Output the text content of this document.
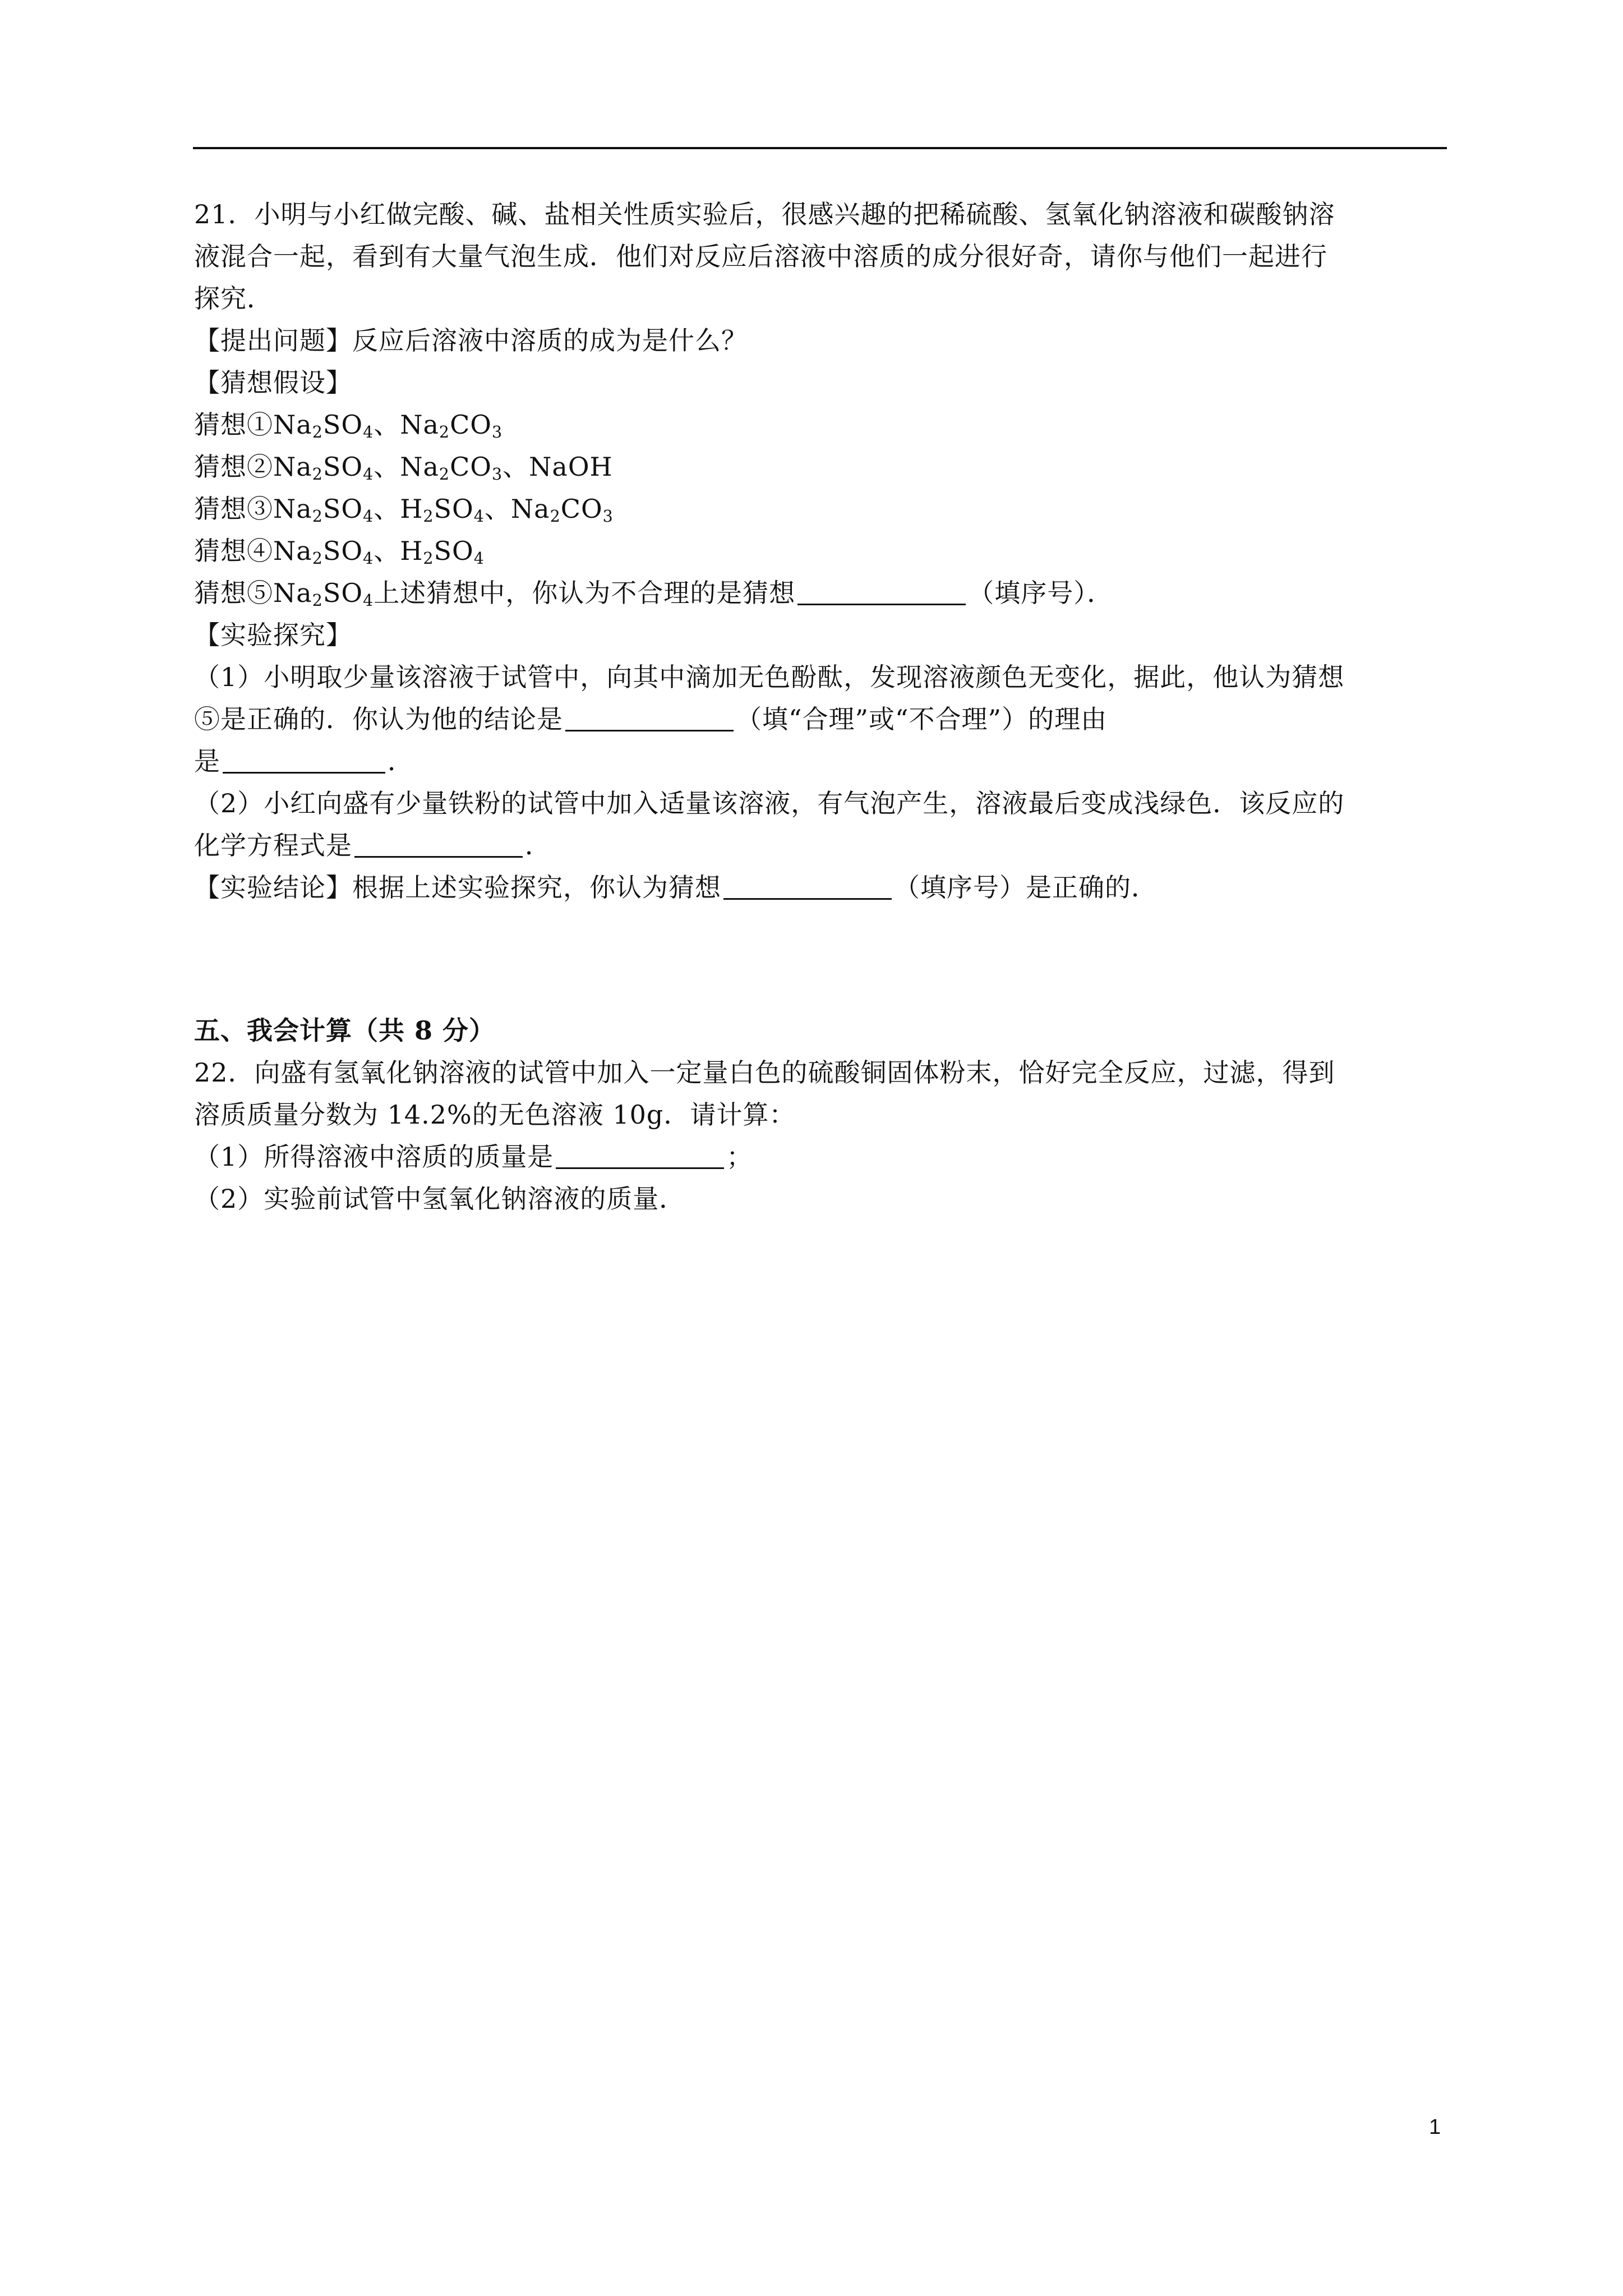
21．小明与小红做完酸、碱、盐相关性质实验后，很感兴趣的把稀硫酸、氢氧化钠溶液和碳酸钠溶
液混合一起，看到有大量气泡生成．他们对反应后溶液中溶质的成分很好奇，请你与他们一起进行
探究．
【提出问题】反应后溶液中溶质的成为是什么？
【猜想假设】
猜想$①Na_2SO_4$、$Na_2CO_3$
猜想$②Na_2SO_4$、$Na_2CO_3$、NaOH
猜想$③Na_2SO_4$、$H_2SO_4$、$Na_2CO_3$
猜想$④Na_2SO_4$、$H_2SO_4$
猜想$⑤Na_2SO_4$上述猜想中，你认为不合理的是猜想	（填序号）．
【实验探究】
（1）小明取少量该溶液于试管中，向其中滴加无色酚酞，发现溶液颜色无变化，据此，他认为猜想
⑤是正确的．你认为他的结论是	（填“合理”或“不合理”）的理由
是	．
（2）小红向盛有少量铁粉的试管中加入适量该溶液，有气泡产生，溶液最后变成浅绿色．该反应的
化学方程式是	．
【实验结论】根据上述实验探究，你认为猜想	（填序号）是正确的．
五、我会计算（共 8 分）
22．向盛有氢氧化钠溶液的试管中加入一定量白色的硫酸铜固体粉末，恰好完全反应，过滤，得到
溶质质量分数为 14.2%的无色溶液 10g．请计算：
（1）所得溶液中溶质的质量是	；
（2）实验前试管中氢氧化钠溶液的质量．
1
